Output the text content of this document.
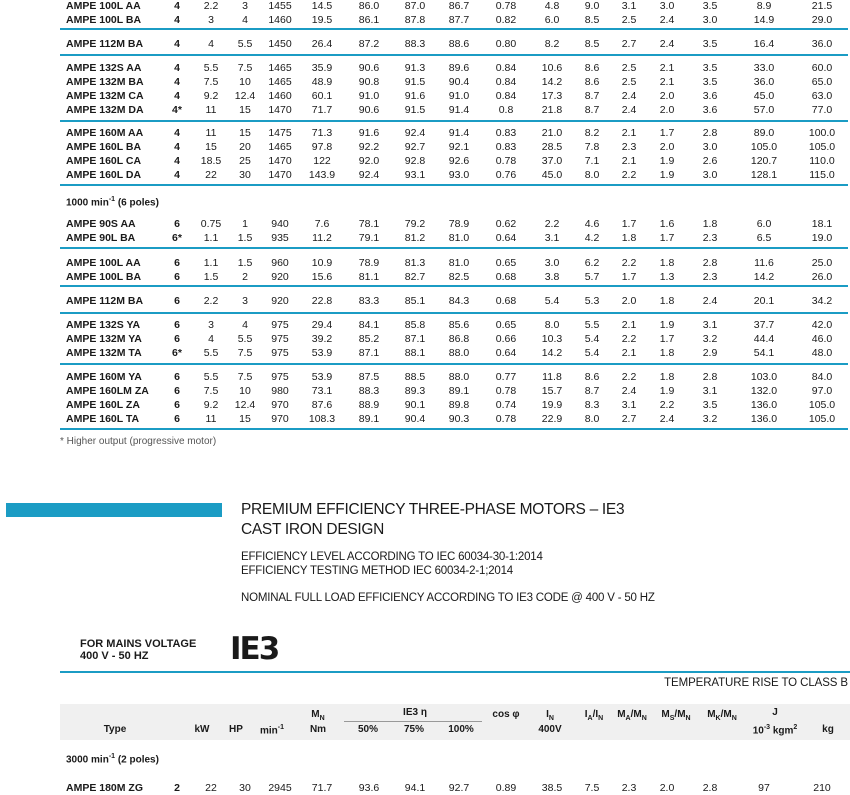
AMPE 100L AA	4	2.2	3	1455	14.5	86.0	87.0	86.7	0.78	4.8	9.0	3.1	3.0	3.5	8.9	21.5
AMPE 100L BA	4	3	4	1460	19.5	86.1	87.8	87.7	0.82	6.0	8.5	2.5	2.4	3.0	14.9	29.0
AMPE 112M BA	4	4	5.5	1450	26.4	87.2	88.3	88.6	0.80	8.2	8.5	2.7	2.4	3.5	16.4	36.0
AMPE 132S AA	4	5.5	7.5	1465	35.9	90.6	91.3	89.6	0.84	10.6	8.6	2.5	2.1	3.5	33.0	60.0
AMPE 132M BA	4	7.5	10	1465	48.9	90.8	91.5	90.4	0.84	14.2	8.6	2.5	2.1	3.5	36.0	65.0
AMPE 132M CA	4	9.2	12.4	1460	60.1	91.0	91.6	91.0	0.84	17.3	8.7	2.4	2.0	3.6	45.0	63.0
AMPE 132M DA	4*	11	15	1470	71.7	90.6	91.5	91.4	0.8	21.8	8.7	2.4	2.0	3.6	57.0	77.0
AMPE 160M AA	4	11	15	1475	71.3	91.6	92.4	91.4	0.83	21.0	8.2	2.1	1.7	2.8	89.0	100.0
AMPE 160L BA	4	15	20	1465	97.8	92.2	92.7	92.1	0.83	28.5	7.8	2.3	2.0	3.0	105.0	105.0
AMPE 160L CA	4	18.5	25	1470	122	92.0	92.8	92.6	0.78	37.0	7.1	2.1	1.9	2.6	120.7	110.0
AMPE 160L DA	4	22	30	1470	143.9	92.4	93.1	93.0	0.76	45.0	8.0	2.2	1.9	3.0	128.1	115.0
1000 $\min^{-1} (6$ poles)
AMPE 90S AA	6	0.75	1	940	7.6	78.1	79.2	78.9	0.62	2.2	4.6	1.7	1.6	1.8	6.0	18.1
AMPE 90L BA	6*	1.1	1.5	935	11.2	79.1	81.2	81.0	0.64	3.1	4.2	1.8	1.7	2.3	6.5	19.0
AMPE 100L AA	6	1.1	1.5	960	10.9	78.9	81.3	81.0	0.65	3.0	6.2	2.2	1.8	2.8	11.6	25.0
AMPE 100L BA	6	1.5	2	920	15.6	81.1	82.7	82.5	0.68	3.8	5.7	1.7	1.3	2.3	14.2	26.0
AMPE 112M BA	6	2.2	3	920	22.8	83.3	85.1	84.3	0.68	5.4	5.3	2.0	1.8	2.4	20.1	34.2
AMPE 132S YA	6	3	4	975	29.4	84.1	85.8	85.6	0.65	8.0	5.5	2.1	1.9	3.1	37.7	42.0
AMPE 132M YA	6	4	5.5	975	39.2	85.2	87.1	86.8	0.66	10.3	5.4	2.2	1.7	3.2	44.4	46.0
AMPE 132M TA	6*	5.5	7.5	975	53.9	87.1	88.1	88.0	0.64	14.2	5.4	2.1	1.8	2.9	54.1	48.0
AMPE 160M YA	6	5.5	7.5	975	53.9	87.5	88.5	88.0	0.77	11.8	8.6	2.2	1.8	2.8	103.0	84.0
AMPE 160LM ZA	6	7.5	10	980	73.1	88.3	89.3	89.1	0.78	15.7	8.7	2.4	1.9	3.1	132.0	97.0
AMPE 160L ZA	6	9.2	12.4	970	87.6	88.9	90.1	89.8	0.74	19.9	8.3	3.1	2.2	3.5	136.0	105.0
AMPE 160L TA	6	11	15	970	108.3	89.1	90.4	90.3	0.78	22.9	8.0	2.7	2.4	3.2	136.0	105.0
* Higher output (progressive motor)
PREMIUM EFFICIENCY THREE-PHASE MOTORS – IE3
CAST IRON DESIGN
EFFICIENCY LEVEL ACCORDING TO IEC 60034-30-1:2014
EFFICIENCY TESTING METHOD IEC 60034-2-1;2014
NOMINAL FULL LOAD EFFICIENCY ACCORDING TO IE3 CODE @ 400 V - 50 HZ
FOR MAINS VOLTAGE
400 V - 50 HZ	IE3
TEMPERATURE RISE TO CLASS B
Type	kW	HP	$\min^{-1}$
$M_N$
Nm
IE3 η
50%	75%	100%
cos φ	$I_N$
400V
$I_A/I_N$	$M_A/M_N$	$M_S/M_N$	$M_K/M_N$
J
$10^{-3}$ kgm$^2$	kg
3000 $\min^{-1} (2$ poles)
AMPE 180M ZG	2	22	30	2945	71.7	93.6	94.1	92.7	0.89	38.5	7.5	2.3	2.0	2.8	97	210
